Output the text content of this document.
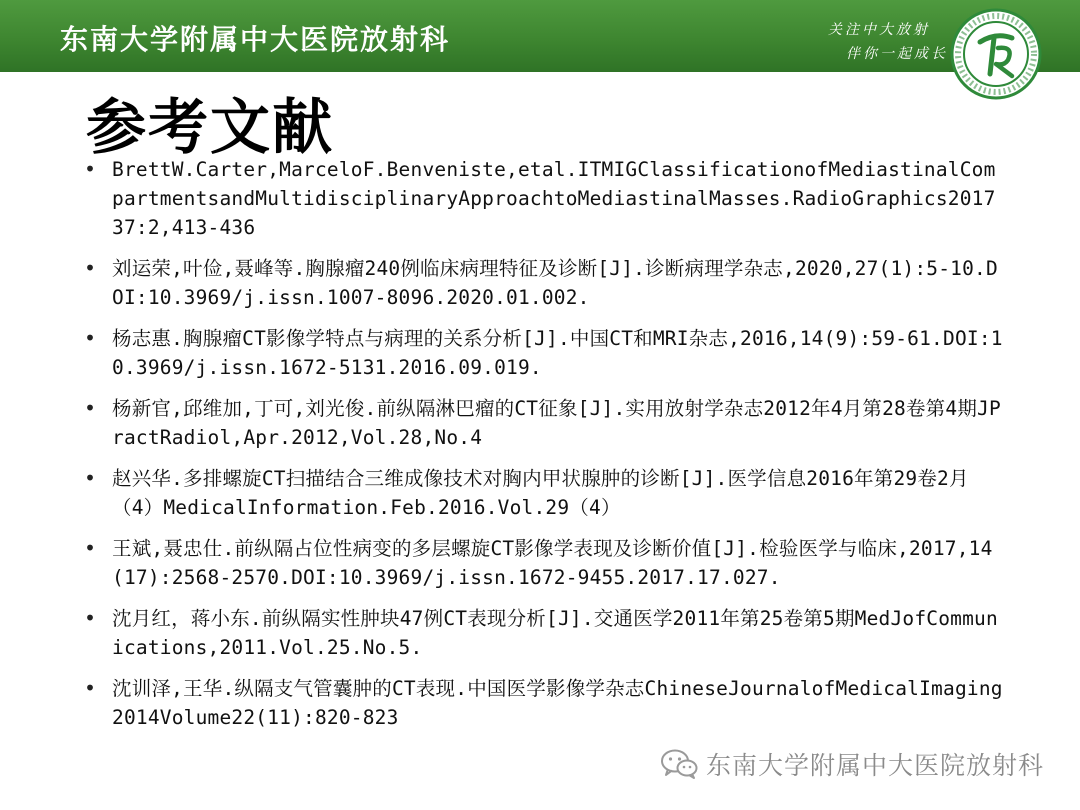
东南大学附属中大医院放射科	关注中大放射
伴你一起成长
参考文献
• BrettW.Carter,MarceloF.Benveniste,etal.ITMIGClassificationofMediastinalCompartmentsandMultidisciplinaryApproachtoMediastinalMasses.RadioGraphics201737:2,413-436
• 刘运荣,叶俭,聂峰等.胸腺瘤240例临床病理特征及诊断[J].诊断病理学杂志,2020,27(1):5-10.DOI:10.3969/j.issn.1007-8096.2020.01.002.
• 杨志惠.胸腺瘤CT影像学特点与病理的关系分析[J].中国CT和MRI杂志,2016,14(9):59-61.DOI:10.3969/j.issn.1672-5131.2016.09.019.
• 杨新官,邱维加,丁可,刘光俊.前纵隔淋巴瘤的CT征象[J].实用放射学杂志2012年4月第28卷第4期JPractRadiol,Apr.2012,Vol.28,No.4
• 赵兴华.多排螺旋CT扫描结合三维成像技术对胸内甲状腺肿的诊断[J].医学信息2016年第29卷2月（4）MedicalInformation.Feb.2016.Vol.29（4）
• 王斌,聂忠仕.前纵隔占位性病变的多层螺旋CT影像学表现及诊断价值[J].检验医学与临床,2017,14(17):2568-2570.DOI:10.3969/j.issn.1672-9455.2017.17.027.
• 沈月红，蒋小东.前纵隔实性肿块47例CT表现分析[J].交通医学2011年第25卷第5期MedJofCommunications,2011.Vol.25.No.5.
• 沈训泽,王华.纵隔支气管囊肿的CT表现.中国医学影像学杂志ChineseJournalofMedicalImaging2014Volume22(11):820-823
东南大学附属中大医院放射科
